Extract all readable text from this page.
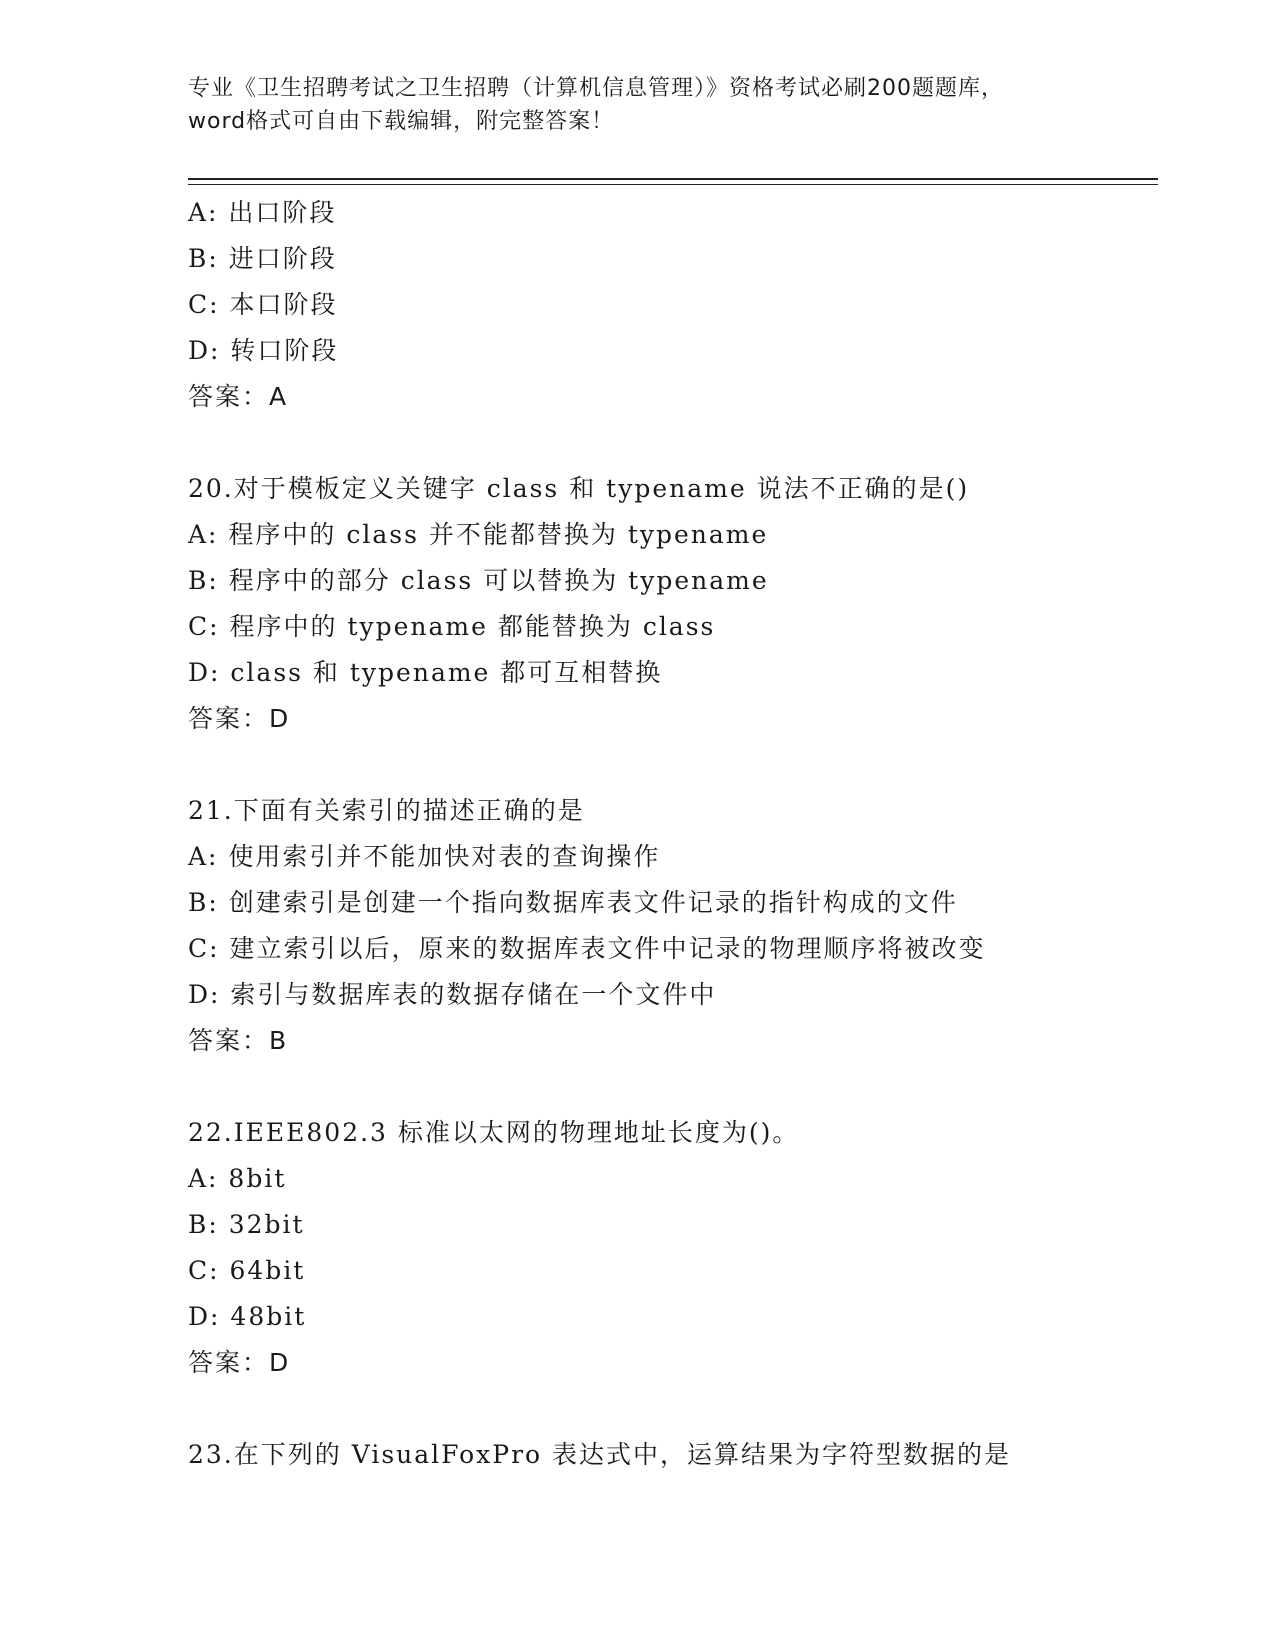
专业《卫生招聘考试之卫生招聘（计算机信息管理）》资格考试必刷200题题库，
word格式可自由下载编辑，附完整答案！
A: 出口阶段
B: 进口阶段
C: 本口阶段
D: 转口阶段
答案：A
20.对于模板定义关键字 class 和 typename 说法不正确的是()
A: 程序中的 class 并不能都替换为 typename
B: 程序中的部分 class 可以替换为 typename
C: 程序中的 typename 都能替换为 class
D: class 和 typename 都可互相替换
答案：D
21.下面有关索引的描述正确的是
A: 使用索引并不能加快对表的查询操作
B: 创建索引是创建一个指向数据库表文件记录的指针构成的文件
C: 建立索引以后，原来的数据库表文件中记录的物理顺序将被改变
D: 索引与数据库表的数据存储在一个文件中
答案：B
22.IEEE802.3 标准以太网的物理地址长度为()。
A: 8bit
B: 32bit
C: 64bit
D: 48bit
答案：D
23.在下列的 VisualFoxPro 表达式中，运算结果为字符型数据的是
